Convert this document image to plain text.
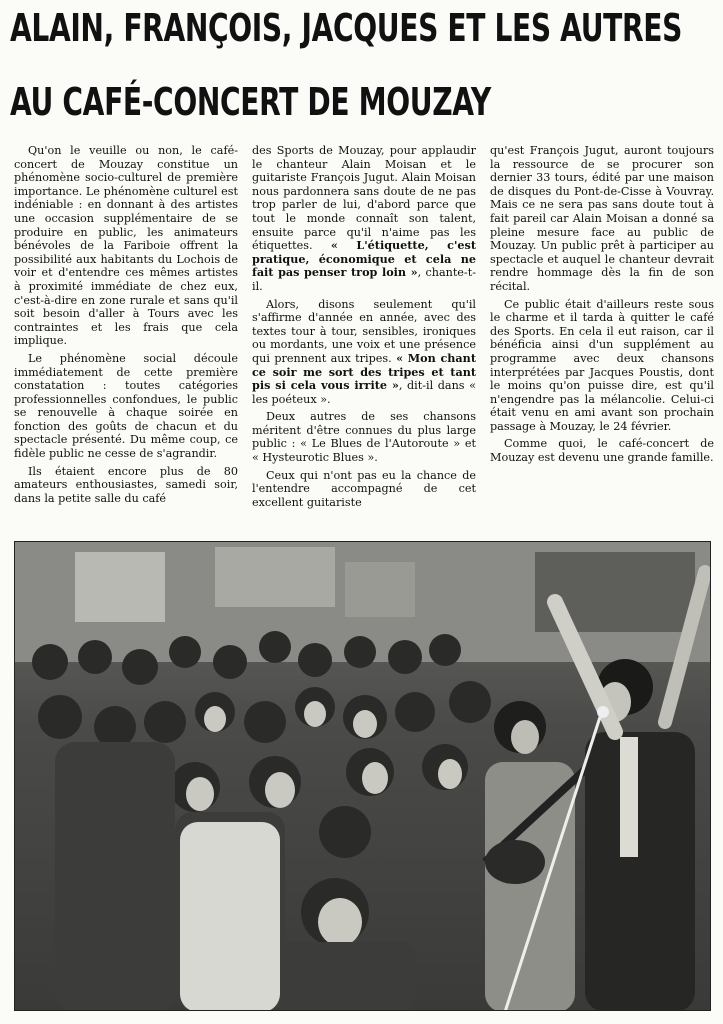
ALAIN, FRANÇOIS, JACQUES ET LES AUTRES
AU CAFÉ-CONCERT DE MOUZAY

Qu'on le veuille ou non, le café-concert de Mouzay constitue un phénomène socio-culturel de première importance. Le phénomène culturel est indéniable : en donnant à des artistes une occasion supplémentaire de se produire en public, les animateurs bénévoles de la Fariboie offrent la possibilité aux habitants du Lochois de voir et d'entendre ces mêmes artistes à proximité immédiate de chez eux, c'est-à-dire en zone rurale et sans qu'il soit besoin d'aller à Tours avec les contraintes et les frais que cela implique.

Le phénomène social découle immédiatement de cette première constatation : toutes catégories professionnelles confondues, le public se renouvelle à chaque soirée en fonction des goûts de chacun et du spectacle présenté. Du même coup, ce fidèle public ne cesse de s'agrandir.

Ils étaient encore plus de 80 amateurs enthousiastes, samedi soir, dans la petite salle du café

des Sports de Mouzay, pour applaudir le chanteur Alain Moisan et le guitariste François Jugut. Alain Moisan nous pardonnera sans doute de ne pas trop parler de lui, d'abord parce que tout le monde connaît son talent, ensuite parce qu'il n'aime pas les étiquettes. « L'étiquette, c'est pratique, économique et cela ne fait pas penser trop loin », chante-t-il.

Alors, disons seulement qu'il s'affirme d'année en année, avec des textes tour à tour, sensibles, ironiques ou mordants, une voix et une présence qui prennent aux tripes. « Mon chant ce soir me sort des tripes et tant pis si cela vous irrite », dit-il dans « les poéteux ».

Deux autres de ses chansons méritent d'être connues du plus large public : « Le Blues de l'Autoroute » et « Hysteurotic Blues ».

Ceux qui n'ont pas eu la chance de l'entendre accompagné de cet excellent guitariste

qu'est François Jugut, auront toujours la ressource de se procurer son dernier 33 tours, édité par une maison de disques du Pont-de-Cisse à Vouvray. Mais ce ne sera pas sans doute tout à fait pareil car Alain Moisan a donné sa pleine mesure face au public de Mouzay. Un public prêt à participer au spectacle et auquel le chanteur devrait rendre hommage dès la fin de son récital.

Ce public était d'ailleurs reste sous le charme et il tarda à quitter le café des Sports. En cela il eut raison, car il bénéficia ainsi d'un supplément au programme avec deux chansons interprétées par Jacques Poustis, dont le moins qu'on puisse dire, est qu'il n'engendre pas la mélancolie. Celui-ci était venu en ami avant son prochain passage à Mouzay, le 24 février.

Comme quoi, le café-concert de Mouzay est devenu une grande famille.
